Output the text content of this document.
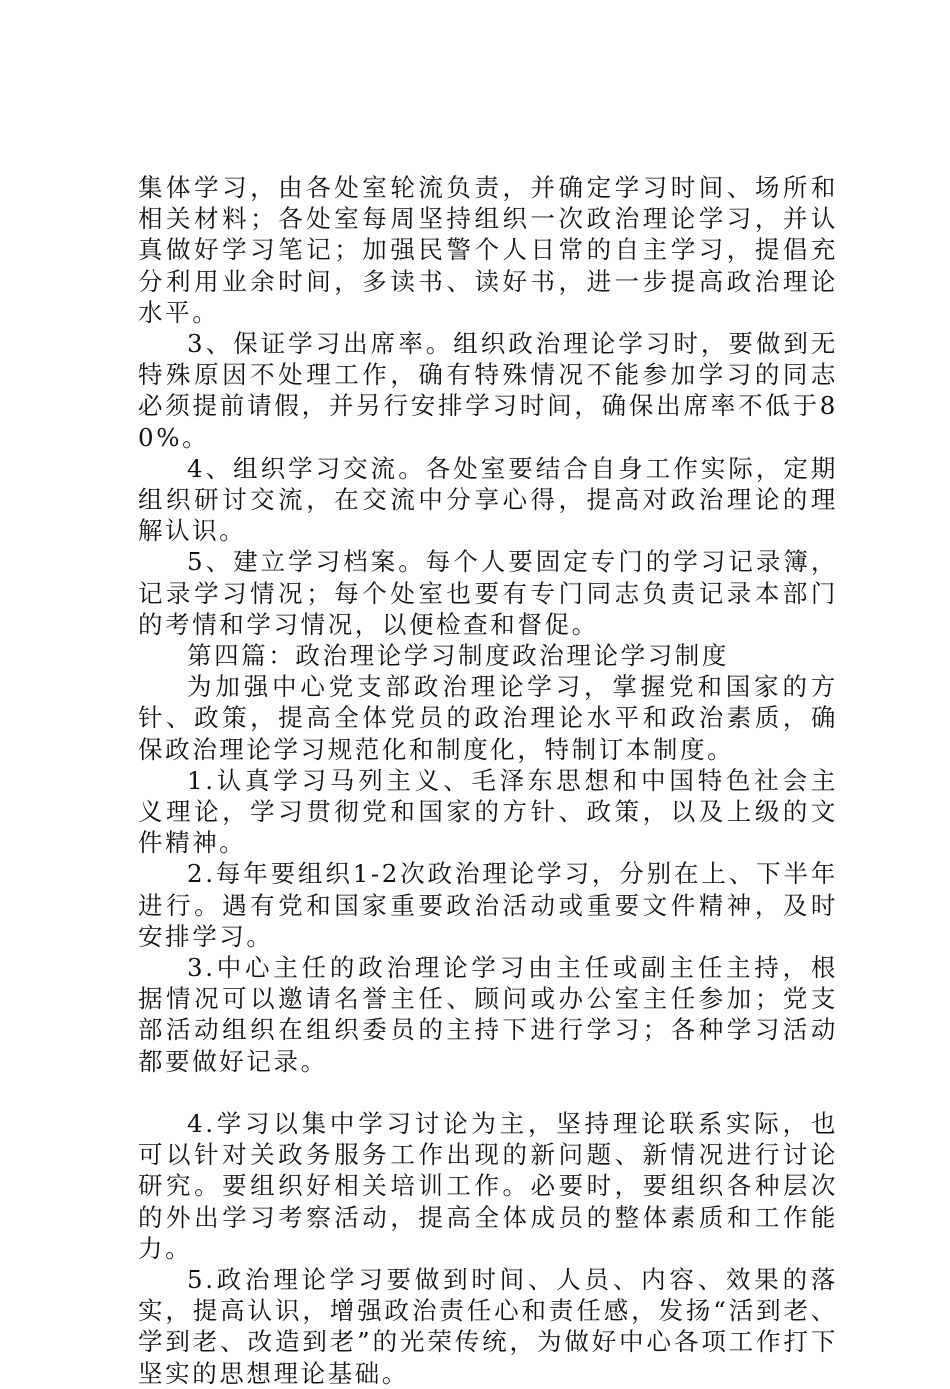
集体学习，由各处室轮流负责，并确定学习时间、场所和相关材料；各处室每周坚持组织一次政治理论学习，并认真做好学习笔记；加强民警个人日常的自主学习，提倡充分利用业余时间，多读书、读好书，进一步提高政治理论水平。

3、保证学习出席率。组织政治理论学习时，要做到无特殊原因不处理工作，确有特殊情况不能参加学习的同志必须提前请假，并另行安排学习时间，确保出席率不低于80%。

4、组织学习交流。各处室要结合自身工作实际，定期组织研讨交流，在交流中分享心得，提高对政治理论的理解认识。

5、建立学习档案。每个人要固定专门的学习记录簿，记录学习情况；每个处室也要有专门同志负责记录本部门的考情和学习情况，以便检查和督促。

第四篇：政治理论学习制度政治理论学习制度

为加强中心党支部政治理论学习，掌握党和国家的方针、政策，提高全体党员的政治理论水平和政治素质，确保政治理论学习规范化和制度化，特制订本制度。

1.认真学习马列主义、毛泽东思想和中国特色社会主义理论，学习贯彻党和国家的方针、政策，以及上级的文件精神。

2.每年要组织1-2次政治理论学习，分别在上、下半年进行。遇有党和国家重要政治活动或重要文件精神，及时安排学习。

3.中心主任的政治理论学习由主任或副主任主持，根据情况可以邀请名誉主任、顾问或办公室主任参加；党支部活动组织在组织委员的主持下进行学习；各种学习活动都要做好记录。

4.学习以集中学习讨论为主，坚持理论联系实际，也可以针对关政务服务工作出现的新问题、新情况进行讨论研究。要组织好相关培训工作。必要时，要组织各种层次的外出学习考察活动，提高全体成员的整体素质和工作能力。

5.政治理论学习要做到时间、人员、内容、效果的落实，提高认识，增强政治责任心和责任感，发扬“活到老、学到老、改造到老”的光荣传统，为做好中心各项工作打下坚实的思想理论基础。
